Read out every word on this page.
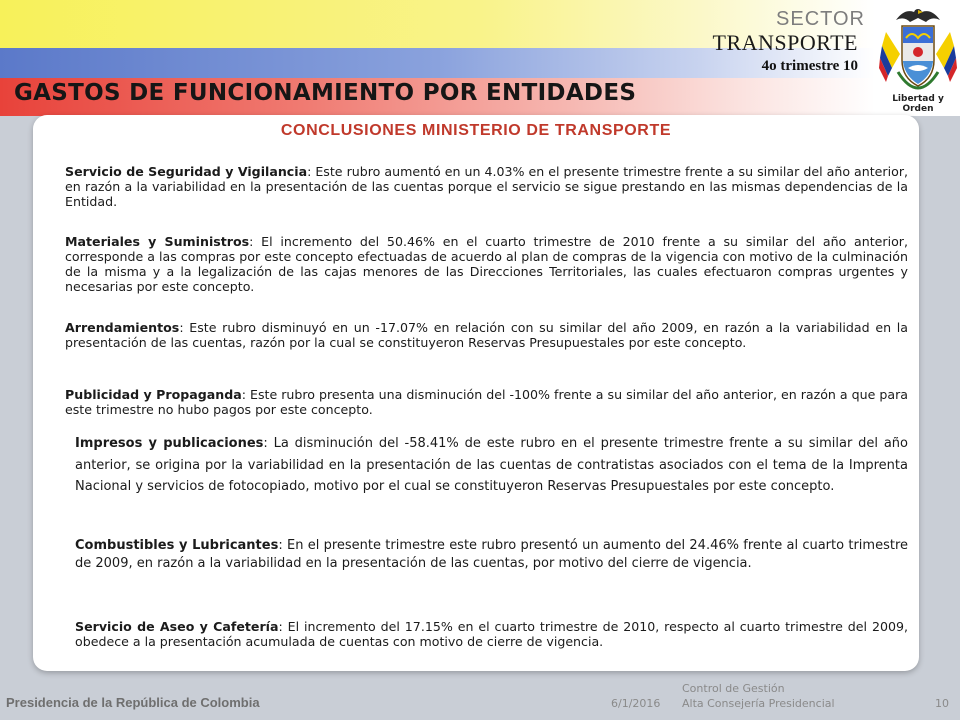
SECTOR
TRANSPORTE
4o trimestre 10
GASTOS DE FUNCIONAMIENTO POR ENTIDADES	Libertad y Orden
CONCLUSIONES MINISTERIO DE TRANSPORTE

Servicio de Seguridad y Vigilancia: Este rubro aumentó en un 4.03% en el presente trimestre frente a su similar del año anterior, en razón a la variabilidad en la presentación de las cuentas porque el servicio se sigue prestando en las mismas dependencias de la Entidad.

Materiales y Suministros: El incremento del 50.46% en el cuarto trimestre de 2010 frente a su similar del año anterior, corresponde a las compras por este concepto efectuadas de acuerdo al plan de compras de la vigencia con motivo de la culminación de la misma y a la legalización de las cajas menores de las Direcciones Territoriales, las cuales efectuaron compras urgentes y necesarias por este concepto.

Arrendamientos: Este rubro disminuyó en un -17.07% en relación con su similar del año 2009, en razón a la variabilidad en la presentación de las cuentas, razón por la cual se constituyeron Reservas Presupuestales por este concepto.

Publicidad y Propaganda: Este rubro presenta una disminución del -100% frente a su similar del año anterior, en razón a que para este trimestre no hubo pagos por este concepto.

Impresos y publicaciones: La disminución del -58.41% de este rubro en el presente trimestre frente a su similar del año anterior, se origina por la variabilidad en la presentación de las cuentas de contratistas asociados con el tema de la Imprenta Nacional y servicios de fotocopiado, motivo por el cual se constituyeron Reservas Presupuestales por este concepto.

Combustibles y Lubricantes: En el presente trimestre este rubro presentó un aumento del 24.46% frente al cuarto trimestre de 2009, en razón a la variabilidad en la presentación de las cuentas, por motivo del cierre de vigencia.

Servicio de Aseo y Cafetería: El incremento del 17.15% en el cuarto trimestre de 2010, respecto al cuarto trimestre del 2009, obedece a la presentación acumulada de cuentas con motivo de cierre de vigencia.

Presidencia de la República de Colombia	6/1/2016
Control de Gestión
Alta Consejería Presidencial	10
